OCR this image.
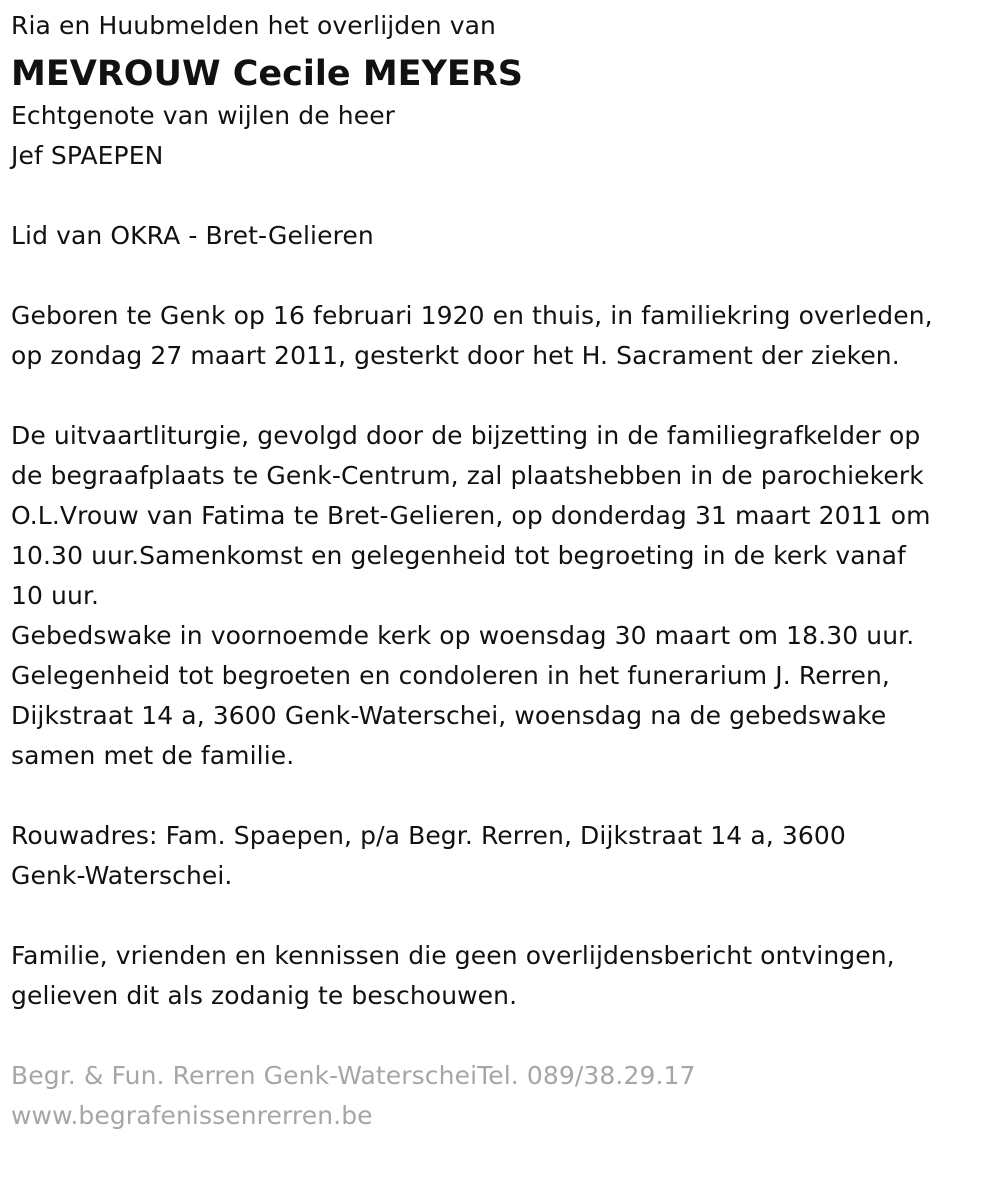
Ria en Huubmelden het overlijden van
MEVROUW Cecile MEYERS
Echtgenote van wijlen de heer
Jef SPAEPEN
Lid van OKRA - Bret-Gelieren
Geboren te Genk op 16 februari 1920 en thuis, in familiekring overleden,
op zondag 27 maart 2011, gesterkt door het H. Sacrament der zieken.
De uitvaartliturgie, gevolgd door de bijzetting in de familiegrafkelder op
de begraafplaats te Genk-Centrum, zal plaatshebben in de parochiekerk
O.L.Vrouw van Fatima te Bret-Gelieren, op donderdag 31 maart 2011 om
10.30 uur.Samenkomst en gelegenheid tot begroeting in de kerk vanaf
10 uur.
Gebedswake in voornoemde kerk op woensdag 30 maart om 18.30 uur.
Gelegenheid tot begroeten en condoleren in het funerarium J. Rerren,
Dijkstraat 14 a, 3600 Genk-Waterschei, woensdag na de gebedswake
samen met de familie.
Rouwadres: Fam. Spaepen, p/a Begr. Rerren, Dijkstraat 14 a, 3600
Genk-Waterschei.
Familie, vrienden en kennissen die geen overlijdensbericht ontvingen,
gelieven dit als zodanig te beschouwen.
Begr. & Fun. Rerren Genk-WaterscheiTel. 089/38.29.17
www.begrafenissenrerren.be
